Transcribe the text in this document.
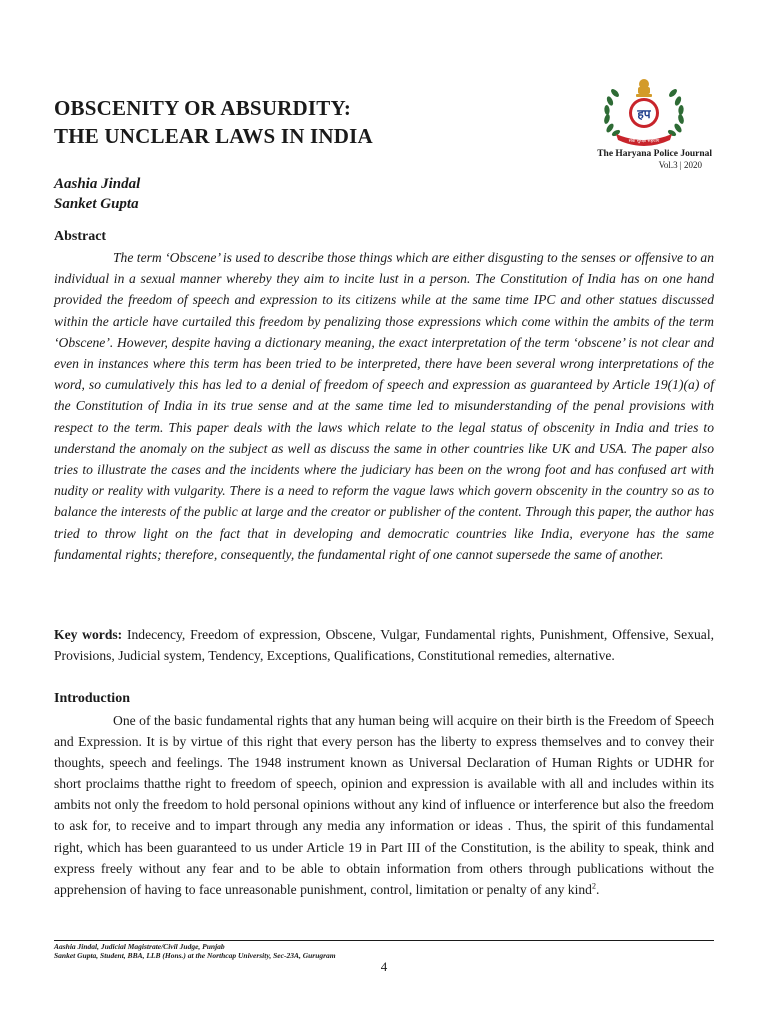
OBSCENITY OR ABSURDITY:
THE UNCLEAR LAWS IN INDIA
हप
सेवा सुरक्षा सहयोग
The Haryana Police Journal
Vol.3 | 2020
Aashia Jindal
Sanket Gupta
Abstract

The term ‘Obscene’ is used to describe those things which are either disgusting to the senses or offensive to an individual in a sexual manner whereby they aim to incite lust in a person. The Constitution of India has on one hand provided the freedom of speech and expression to its citizens while at the same time IPC and other statues discussed within the article have curtailed this freedom by penalizing those expressions which come within the ambits of the term ‘Obscene’. However, despite having a dictionary meaning, the exact interpretation of the term ‘obscene’ is not clear and even in instances where this term has been tried to be interpreted, there have been several wrong interpretations of the word, so cumulatively this has led to a denial of freedom of speech and expression as guaranteed by Article 19(1)(a) of the Constitution of India in its true sense and at the same time led to misunderstanding of the penal provisions with respect to the term. This paper deals with the laws which relate to the legal status of obscenity in India and tries to understand the anomaly on the subject as well as discuss the same in other countries like UK and USA. The paper also tries to illustrate the cases and the incidents where the judiciary has been on the wrong foot and has confused art with nudity or reality with vulgarity. There is a need to reform the vague laws which govern obscenity in the country so as to balance the interests of the public at large and the creator or publisher of the content. Through this paper, the author has tried to throw light on the fact that in developing and democratic countries like India, everyone has the same fundamental rights; therefore, consequently, the fundamental right of one cannot supersede the same of another.

Key words: Indecency, Freedom of expression, Obscene, Vulgar, Fundamental rights, Punishment, Offensive, Sexual, Provisions, Judicial system, Tendency, Exceptions, Qualifications, Constitutional remedies, alternative.

Introduction

One of the basic fundamental rights that any human being will acquire on their birth is the Freedom of Speech and Expression. It is by virtue of this right that every person has the liberty to express themselves and to convey their thoughts, speech and feelings. The 1948 instrument known as Universal Declaration of Human Rights or UDHR for short proclaims thatthe right to freedom of speech, opinion and expression is available with all and includes within its ambits not only the freedom to hold personal opinions without any kind of influence or interference but also the freedom to ask for, to receive and to impart through any media any information or ideas . Thus, the spirit of this fundamental right, which has been guaranteed to us under Article 19 in Part III of the Constitution, is the ability to speak, think and express freely without any fear and to be able to obtain information from others through publications without the apprehension of having to face unreasonable punishment, control, limitation or penalty of any kind$^2$.

Aashia Jindal, Judicial Magistrate/Civil Judge, Punjab
Sanket Gupta, Student, BBA, LLB (Hons.) at the Northcap University, Sec-23A, Gurugram
4
